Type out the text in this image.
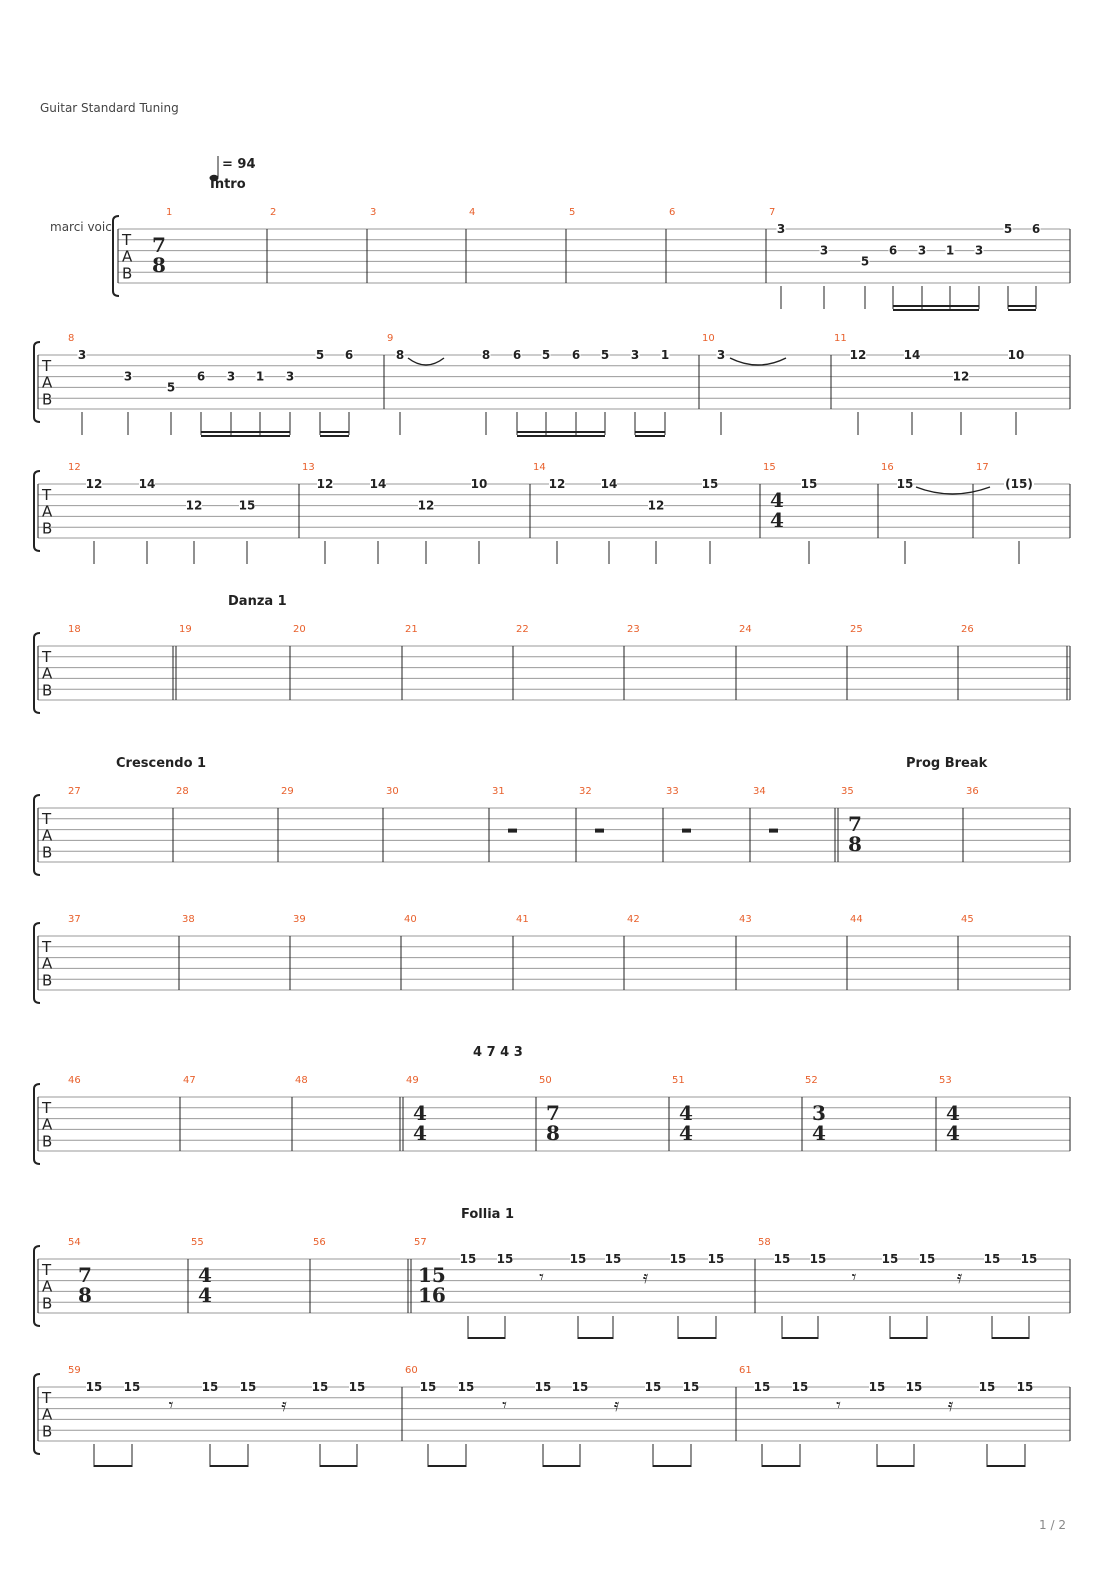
Guitar Standard Tuning
1 / 2
= 94
marci voic
Intro
Danza 1
Crescendo 1	Prog Break
4 7 4 3
Follia 1
T
A
B
1
7
8
2	3	4	5	6	7
3
3
5
6 3 1 3
5 6
T
A
B
8
3
3
5
6 3 1 3
5 6
9
8	8 6 5 6 5 3 1
10
3
11
12	14
12
10
T
A
B
12
12	14
12	15
13
12	14
12
10
14
12	14
12
15
15
4
4
15
16
15
17
(15)
T
A
B
18	19	20	21	22	23	24	25	26
T
A
B
27	28	29	30	31	32	33	34	35
7
8
36
T
A
B
37	38	39	40	41	42	43	44	45
T
A
B
46	47	48	49
4
4
50
7
8
51
4
4
52
3
4
53
4
4
T
A
B
54
7
8
55
4
4
56	57
15
16
15 15	15 15	15 15
𝄾	𝄿
58
15 15	15 15	15 15
𝄾	𝄿
T
A
B
59
15 15	15 15	15 15
𝄾	𝄿
60
15 15	15 15	15 15
𝄾	𝄿
61
15 15	15 15	15 15
𝄾	𝄿
